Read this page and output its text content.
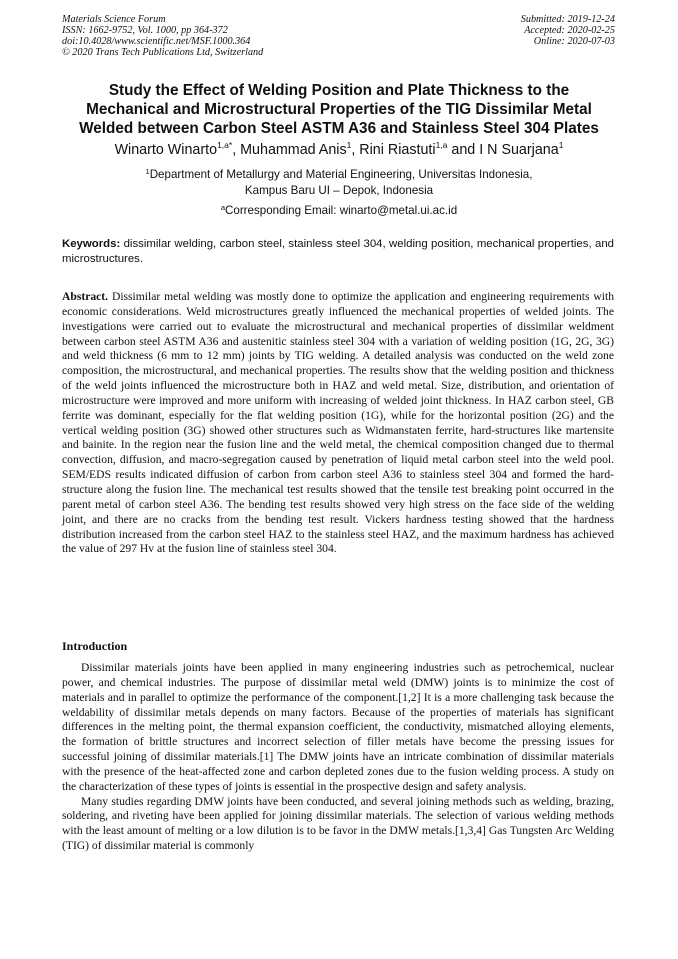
Materials Science Forum
ISSN: 1662-9752, Vol. 1000, pp 364-372
doi:10.4028/www.scientific.net/MSF.1000.364
© 2020 Trans Tech Publications Ltd, Switzerland
Submitted: 2019-12-24
Accepted: 2020-02-25
Online: 2020-07-03
Study the Effect of Welding Position and Plate Thickness to the
Mechanical and Microstructural Properties of the TIG Dissimilar Metal
Welded between Carbon Steel ASTM A36 and Stainless Steel 304 Plates
Winarto Winarto$^{1,a*}$, Muhammad Anis$^1$, Rini Riastuti$^{1,a}$ and I N Suarjana$^1$
$^1$Department of Metallurgy and Material Engineering, Universitas Indonesia,
Kampus Baru UI – Depok, Indonesia
$^a$Corresponding Email: winarto@metal.ui.ac.id
Keywords: dissimilar welding, carbon steel, stainless steel 304, welding position, mechanical properties, and microstructures.
Abstract. Dissimilar metal welding was mostly done to optimize the application and engineering requirements with economic considerations. Weld microstructures greatly influenced the mechanical properties of welded joints. The investigations were carried out to evaluate the microstructural and mechanical properties of dissimilar weldment between carbon steel ASTM A36 and austenitic stainless steel 304 with a variation of welding position (1G, 2G, 3G) and weld thickness (6 mm to 12 mm) joints by TIG welding. A detailed analysis was conducted on the weld zone composition, the microstructural, and mechanical properties. The results show that the welding position and thickness of the weld joints influenced the microstructure both in HAZ and weld metal. Size, distribution, and orientation of microstructure were improved and more uniform with increasing of welded joint thickness. In HAZ carbon steel, GB ferrite was dominant, especially for the flat welding position (1G), while for the horizontal position (2G) and the vertical welding position (3G) showed other structures such as Widmanstaten ferrite, hard-structures like martensite and bainite. In the region near the fusion line and the weld metal, the chemical composition changed due to thermal convection, diffusion, and macro-segregation caused by penetration of liquid metal carbon steel into the weld pool. SEM/EDS results indicated diffusion of carbon from carbon steel A36 to stainless steel 304 and formed the hard-structure along the fusion line. The mechanical test results showed that the tensile test breaking point occurred in the parent metal of carbon steel A36. The bending test results showed very high stress on the face side of the welding joint, and there are no cracks from the bending test result. Vickers hardness testing showed that the hardness distribution increased from the carbon steel HAZ to the stainless steel HAZ, and the maximum hardness has achieved the value of 297 Hv at the fusion line of stainless steel 304.
Introduction

Dissimilar materials joints have been applied in many engineering industries such as petrochemical, nuclear power, and chemical industries. The purpose of dissimilar metal weld (DMW) joints is to minimize the cost of materials and in parallel to optimize the performance of the component.[1,2] It is a more challenging task because the weldability of dissimilar metals depends on many factors. Because of the properties of materials has significant differences in the melting point, the thermal expansion coefficient, the conductivity, mismatched alloying elements, the formation of brittle structures and incorrect selection of filler metals have become the pressing issues for successful joining of dissimilar materials.[1] The DMW joints have an intricate combination of dissimilar materials with the presence of the heat-affected zone and carbon depleted zones due to the fusion welding process. A study on the characterization of these types of joints is essential in the prospective design and safety analysis.

Many studies regarding DMW joints have been conducted, and several joining methods such as welding, brazing, soldering, and riveting have been applied for joining dissimilar materials. The selection of various welding methods with the least amount of melting or a low dilution is to be favor in the DMW metals.[1,3,4] Gas Tungsten Arc Welding (TIG) of dissimilar material is commonly
